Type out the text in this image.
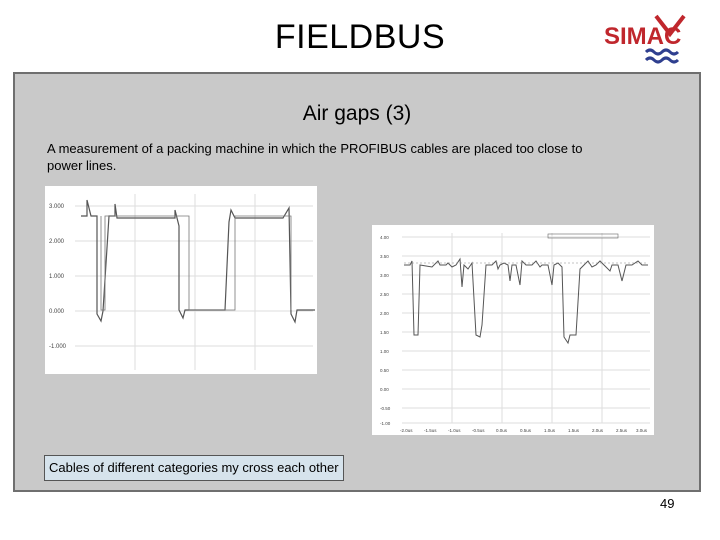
FIELDBUS	SIMAC
Air gaps (3)
A measurement of a packing machine in which the PROFIBUS cables are placed too close to power lines.
3.000
2.000
1.000
0.000
-1.000
4.00
3.50
3.00
2.50
2.00
1.50
1.00
0.50
0.00
-0.50
-1.00
-2.0us	-1.5us	-1.0us	-0.5us	0.0us	0.5us	1.0us	1.5us	2.0us	2.5us 3.0us
Cables of different categories my cross each other
49
